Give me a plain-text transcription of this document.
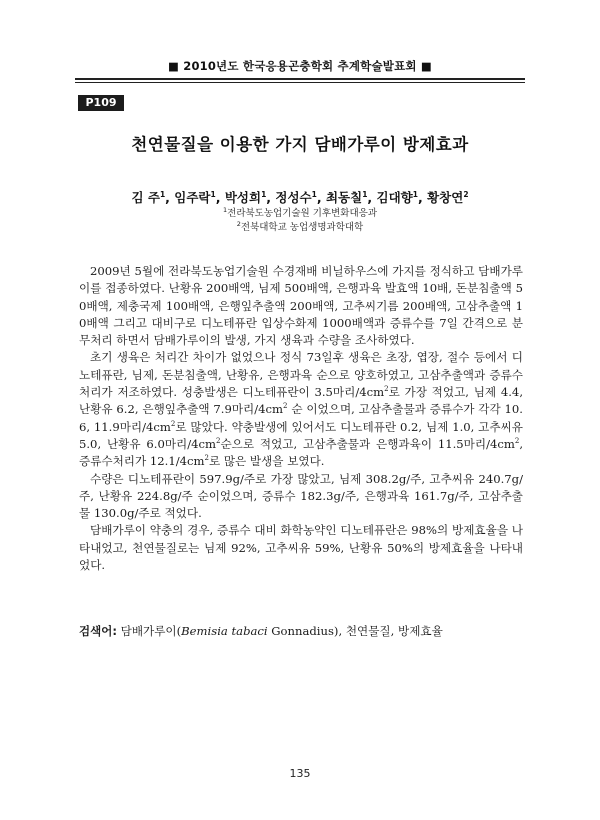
■ 2010년도 한국응용곤충학회 추계학술발표회 ■
P109
천연물질을 이용한 가지 담배가루이 방제효과
김 주$^1$, 임주락$^1$, 박성희$^1$, 정성수$^1$, 최동칠$^1$, 김대향$^1$, 황창연$^2$
$^1$전라북도농업기술원 기후변화대응과
$^2$전북대학교 농업생명과학대학

2009년 5월에 전라북도농업기술원 수경재배 비닐하우스에 가지를 정식하고 담배가루이를 접종하였다. 난황유 200배액, 님제 500배액, 은행과육 발효액 10배, 돈분침출액 50배액, 제충국제 100배액, 은행잎추출액 200배액, 고추씨기름 200배액, 고삼추출액 10배액 그리고 대비구로 디노테퓨란 입상수화제 1000배액과 증류수를 7일 간격으로 분무처리 하면서 담배가루이의 발생, 가지 생육과 수량을 조사하였다.

초기 생육은 처리간 차이가 없었으나 정식 73일후 생육은 초장, 엽장, 절수 등에서 디노테퓨란, 님제, 돈분침출액, 난황유, 은행과육 순으로 양호하였고, 고삼추출액과 증류수 처리가 저조하였다. 성충발생은 디노테퓨란이 3.5마리$/4cm^2$로 가장 적었고, 님제 4.4, 난황유 6.2, 은행잎추출액 7.9마리$/4cm^2$ 순 이었으며, 고삼추출물과 증류수가 각각 10.6, 11.9마리$/4cm^2$로 많았다. 약충발생에 있어서도 디노테퓨란 0.2, 님제 1.0, 고추씨유 5.0, 난황유 6.0마리$/4cm^2$순으로 적었고, 고삼추출물과 은행과육이 11.5마리$/4cm^2$, 증류수처리가 $12.1/4cm^2$로 많은 발생을 보였다.

수량은 디노테퓨란이 597.9g/주로 가장 많았고, 님제 308.2g/주, 고추씨유 240.7g/주, 난황유 224.8g/주 순이었으며, 증류수 182.3g/주, 은행과육 161.7g/주, 고삼추출물 130.0g/주로 적었다.

담배가루이 약충의 경우, 증류수 대비 화학농약인 디노테퓨란은 98%의 방제효율을 나타내었고, 천연물질로는 님제 92%, 고추씨유 59%, 난황유 50%의 방제효율을 나타내었다.

검색어: 담배가루이(Bemisia tabaci Gonnadius), 천연물질, 방제효율
135
